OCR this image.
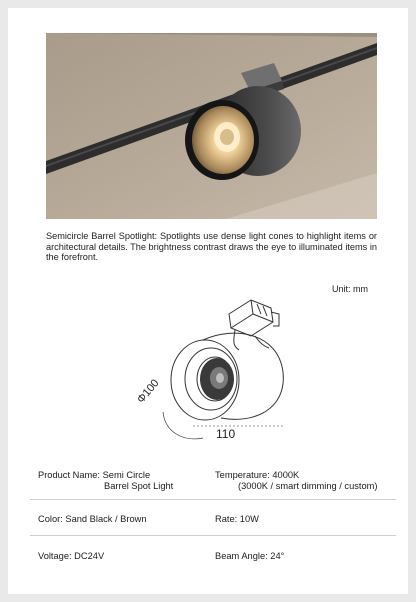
Semicircle Barrel Spotlight: Spotlights use dense light cones to highlight items or architectural details. The brightness contrast draws the eye to illuminated items in the forefront.

Unit: mm
Φ100
110
Product Name: Semi Circle
Barrel Spot Light
Temperature: 4000K
(3000K / smart dimming / custom)
Color: Sand Black / Brown	Rate: 10W
Voltage: DC24V	Beam Angle: 24°
